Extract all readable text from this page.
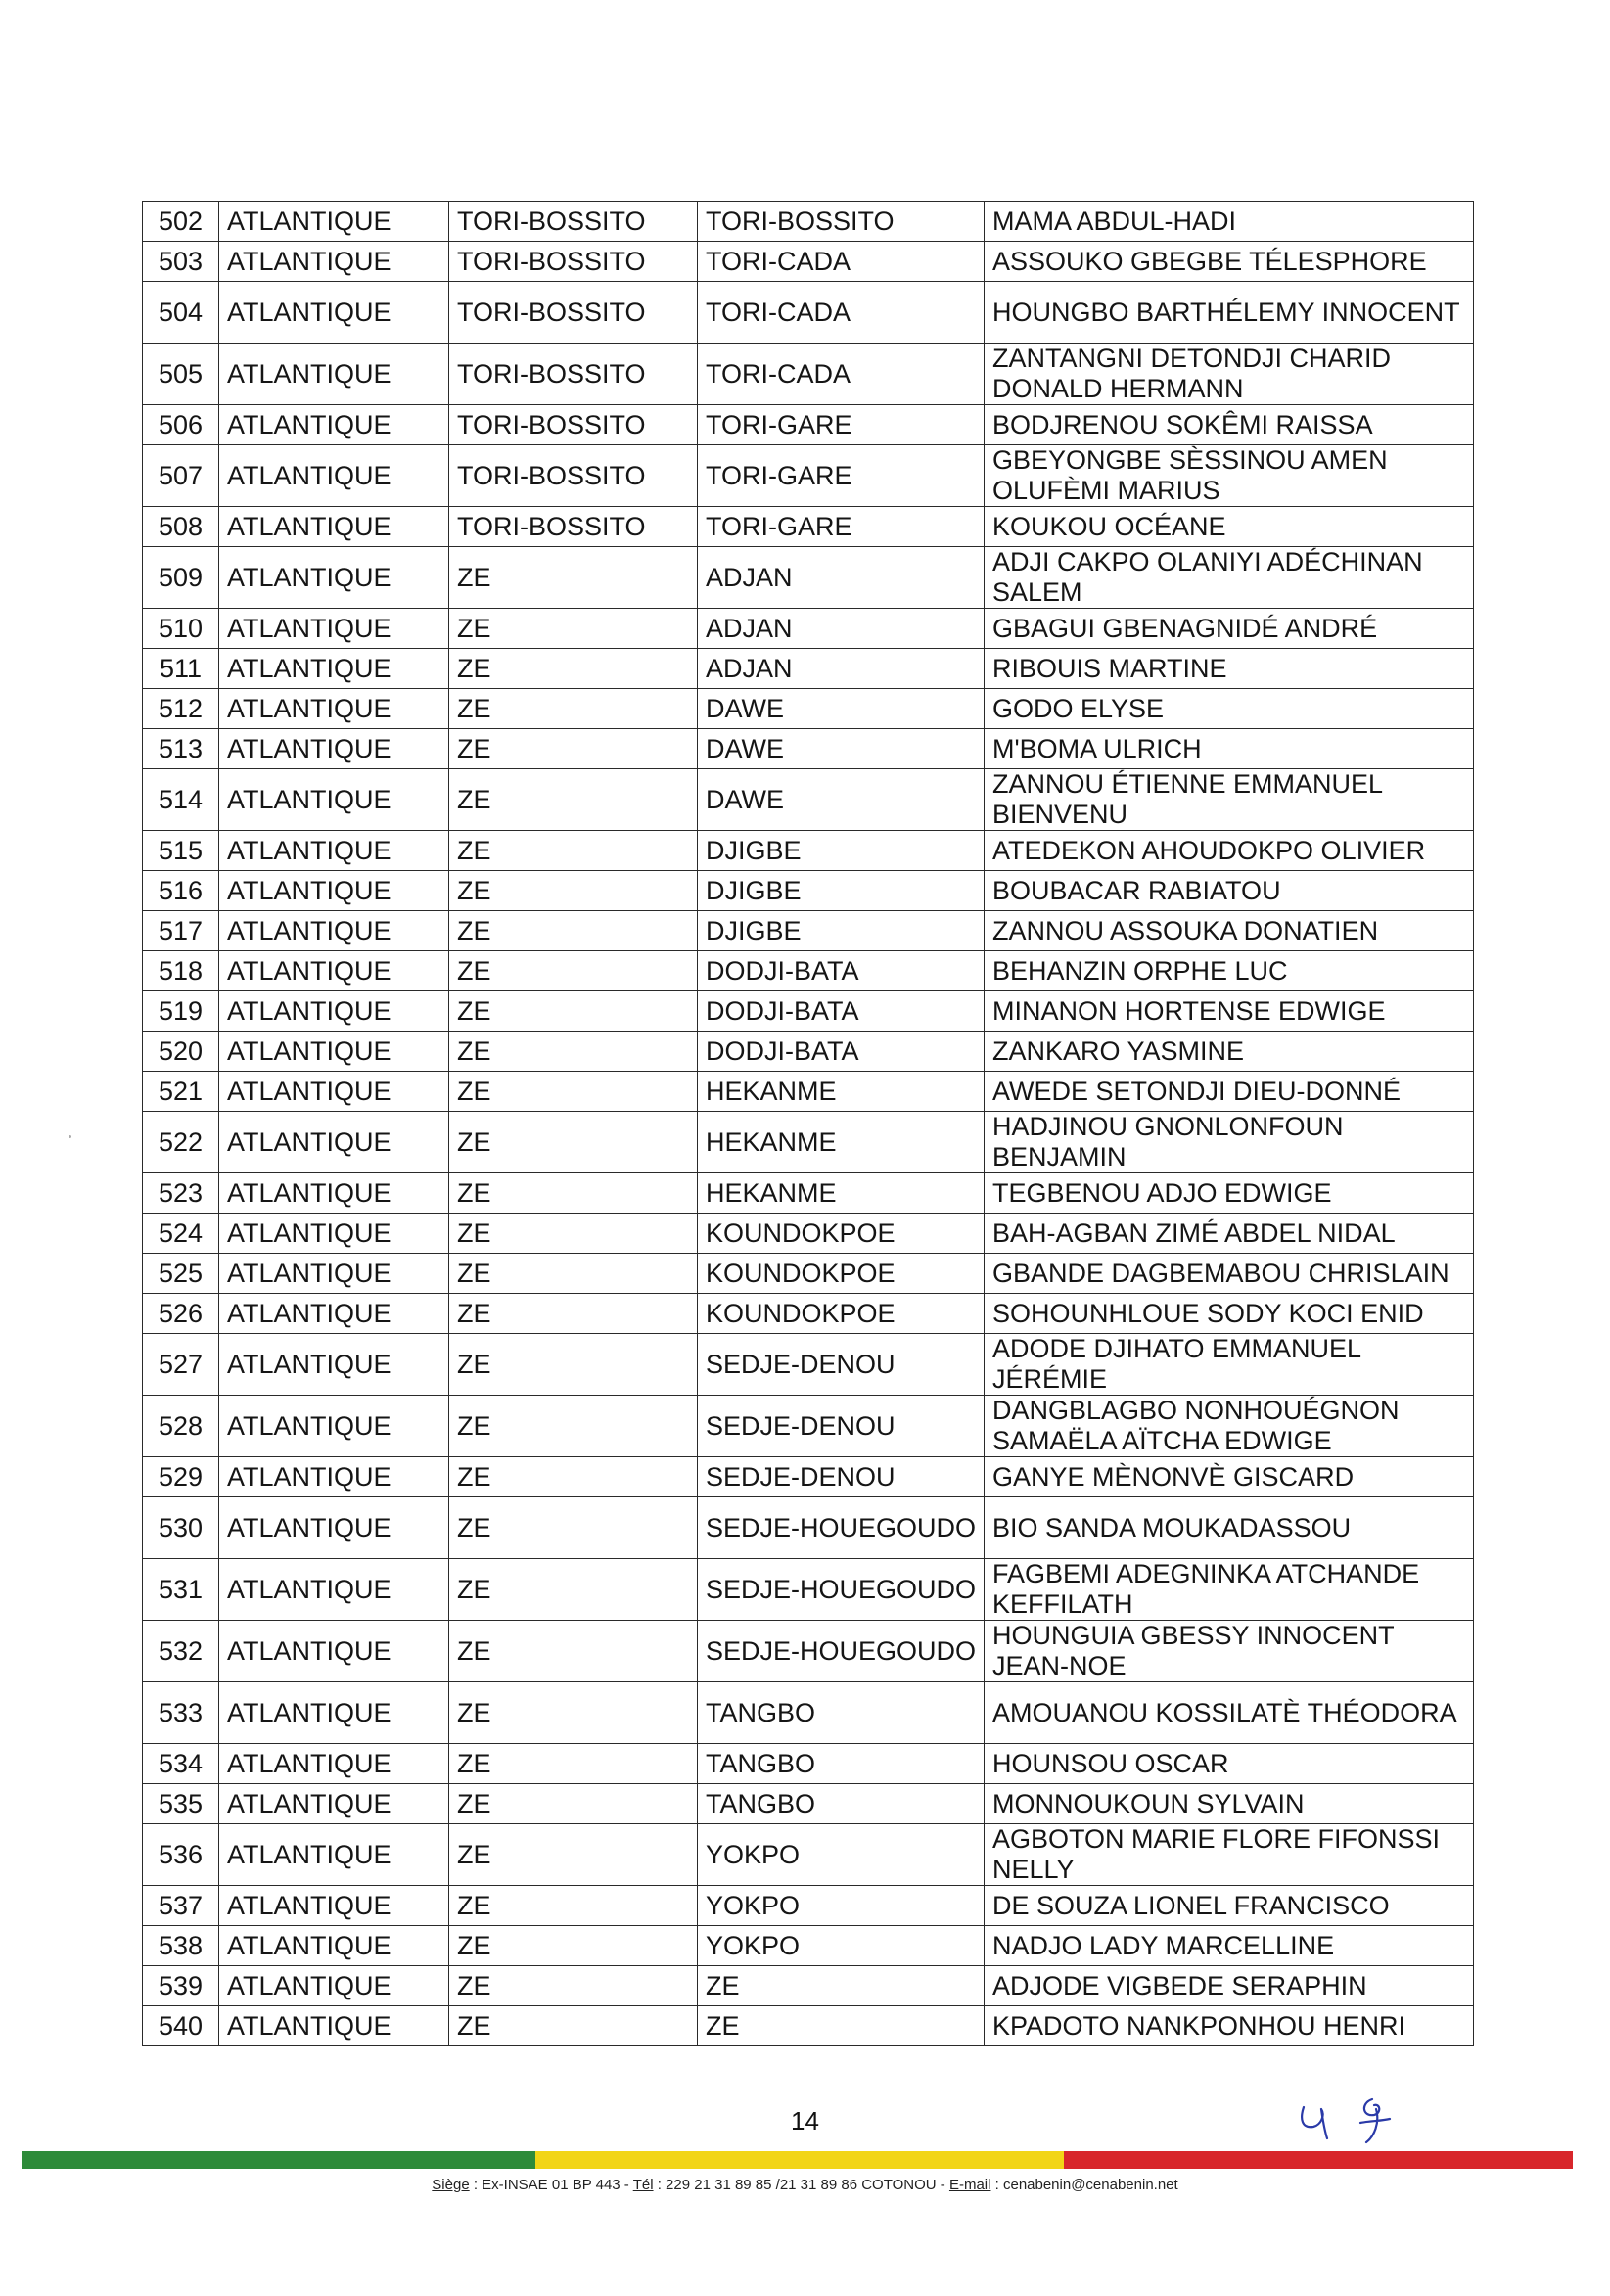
502	ATLANTIQUE	TORI-BOSSITO	TORI-BOSSITO	MAMA ABDUL-HADI
503	ATLANTIQUE	TORI-BOSSITO	TORI-CADA	ASSOUKO GBEGBE TÉLESPHORE
504	ATLANTIQUE	TORI-BOSSITO	TORI-CADA	HOUNGBO BARTHÉLEMY INNOCENT
505	ATLANTIQUE	TORI-BOSSITO	TORI-CADA	ZANTANGNI DETONDJI CHARID DONALD HERMANN
506	ATLANTIQUE	TORI-BOSSITO	TORI-GARE	BODJRENOU SOKÊMI RAISSA
507	ATLANTIQUE	TORI-BOSSITO	TORI-GARE	GBEYONGBE SÈSSINOU AMEN OLUFÈMI MARIUS
508	ATLANTIQUE	TORI-BOSSITO	TORI-GARE	KOUKOU OCÉANE
509	ATLANTIQUE	ZE	ADJAN	ADJI CAKPO OLANIYI ADÉCHINAN SALEM
510	ATLANTIQUE	ZE	ADJAN	GBAGUI GBENAGNIDÉ ANDRÉ
511	ATLANTIQUE	ZE	ADJAN	RIBOUIS MARTINE
512	ATLANTIQUE	ZE	DAWE	GODO ELYSE
513	ATLANTIQUE	ZE	DAWE	M'BOMA ULRICH
514	ATLANTIQUE	ZE	DAWE	ZANNOU ÉTIENNE EMMANUEL BIENVENU
515	ATLANTIQUE	ZE	DJIGBE	ATEDEKON AHOUDOKPO OLIVIER
516	ATLANTIQUE	ZE	DJIGBE	BOUBACAR RABIATOU
517	ATLANTIQUE	ZE	DJIGBE	ZANNOU ASSOUKA DONATIEN
518	ATLANTIQUE	ZE	DODJI-BATA	BEHANZIN ORPHE LUC
519	ATLANTIQUE	ZE	DODJI-BATA	MINANON HORTENSE EDWIGE
520	ATLANTIQUE	ZE	DODJI-BATA	ZANKARO YASMINE
521	ATLANTIQUE	ZE	HEKANME	AWEDE SETONDJI DIEU-DONNÉ
522	ATLANTIQUE	ZE	HEKANME	HADJINOU GNONLONFOUN BENJAMIN
523	ATLANTIQUE	ZE	HEKANME	TEGBENOU ADJO EDWIGE
524	ATLANTIQUE	ZE	KOUNDOKPOE	BAH-AGBAN ZIMÉ ABDEL NIDAL
525	ATLANTIQUE	ZE	KOUNDOKPOE	GBANDE DAGBEMABOU CHRISLAIN
526	ATLANTIQUE	ZE	KOUNDOKPOE	SOHOUNHLOUE SODY KOCI ENID
527	ATLANTIQUE	ZE	SEDJE-DENOU	ADODE DJIHATO EMMANUEL JÉRÉMIE
528	ATLANTIQUE	ZE	SEDJE-DENOU	DANGBLAGBO NONHOUÉGNON SAMAËLA AÏTCHA EDWIGE
529	ATLANTIQUE	ZE	SEDJE-DENOU	GANYE MÈNONVÈ GISCARD
530	ATLANTIQUE	ZE	SEDJE-HOUEGOUDO	BIO SANDA MOUKADASSOU
531	ATLANTIQUE	ZE	SEDJE-HOUEGOUDO	FAGBEMI ADEGNINKA ATCHANDE KEFFILATH
532	ATLANTIQUE	ZE	SEDJE-HOUEGOUDO	HOUNGUIA GBESSY INNOCENT JEAN-NOE
533	ATLANTIQUE	ZE	TANGBO	AMOUANOU KOSSILATÈ THÉODORA
534	ATLANTIQUE	ZE	TANGBO	HOUNSOU OSCAR
535	ATLANTIQUE	ZE	TANGBO	MONNOUKOUN SYLVAIN
536	ATLANTIQUE	ZE	YOKPO	AGBOTON MARIE FLORE FIFONSSI NELLY
537	ATLANTIQUE	ZE	YOKPO	DE SOUZA LIONEL FRANCISCO
538	ATLANTIQUE	ZE	YOKPO	NADJO LADY MARCELLINE
539	ATLANTIQUE	ZE	ZE	ADJODE VIGBEDE SERAPHIN
540	ATLANTIQUE	ZE	ZE	KPADOTO NANKPONHOU HENRI
14
Siège : Ex-INSAE 01 BP 443 - Tél : 229 21 31 89 85 /21 31 89 86 COTONOU - E-mail : cenabenin@cenabenin.net
